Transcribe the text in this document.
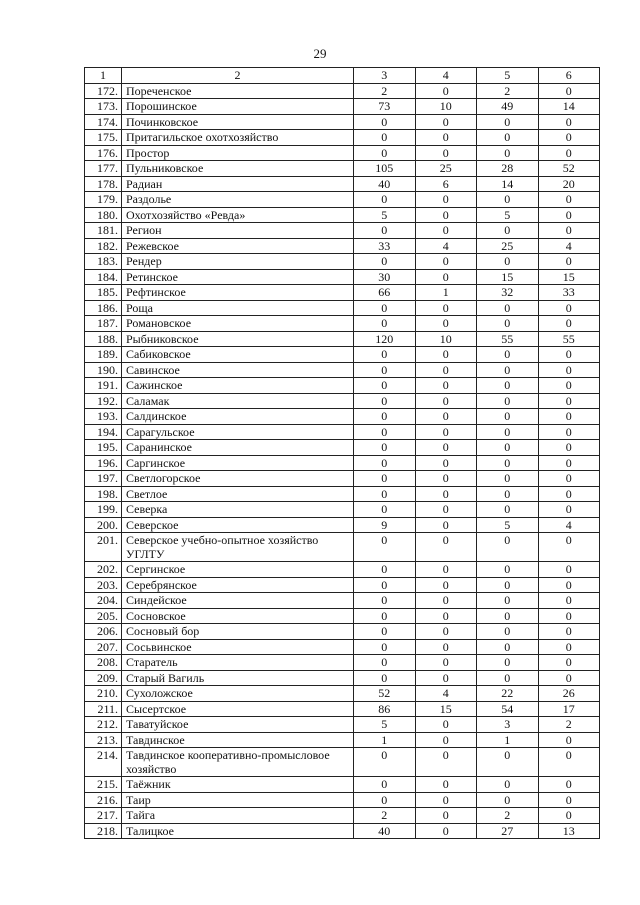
29
1	2	3	4	5	6
172.	Пореченское	2	0	2	0
173.	Порошинское	73	10	49	14
174.	Починковское	0	0	0	0
175.	Притагильское охотхозяйство	0	0	0	0
176.	Простор	0	0	0	0
177.	Пульниковское	105	25	28	52
178.	Радиан	40	6	14	20
179.	Раздолье	0	0	0	0
180.	Охотхозяйство «Ревда»	5	0	5	0
181.	Регион	0	0	0	0
182.	Режевское	33	4	25	4
183.	Рендер	0	0	0	0
184.	Ретинское	30	0	15	15
185.	Рефтинское	66	1	32	33
186.	Роща	0	0	0	0
187.	Романовское	0	0	0	0
188.	Рыбниковское	120	10	55	55
189.	Сабиковское	0	0	0	0
190.	Савинское	0	0	0	0
191.	Сажинское	0	0	0	0
192.	Саламак	0	0	0	0
193.	Салдинское	0	0	0	0
194.	Сарагульское	0	0	0	0
195.	Саранинское	0	0	0	0
196.	Саргинское	0	0	0	0
197.	Светлогорское	0	0	0	0
198.	Светлое	0	0	0	0
199.	Северка	0	0	0	0
200.	Северское	9	0	5	4
201.	Северское учебно-опытное хозяйство УГЛТУ	0	0	0	0
202.	Сергинское	0	0	0	0
203.	Серебрянское	0	0	0	0
204.	Синдейское	0	0	0	0
205.	Сосновское	0	0	0	0
206.	Сосновый бор	0	0	0	0
207.	Сосьвинское	0	0	0	0
208.	Старатель	0	0	0	0
209.	Старый Вагиль	0	0	0	0
210.	Сухоложское	52	4	22	26
211.	Сысертское	86	15	54	17
212.	Таватуйское	5	0	3	2
213.	Тавдинское	1	0	1	0
214.	Тавдинское кооперативно-промысловое хозяйство	0	0	0	0
215.	Таёжник	0	0	0	0
216.	Таир	0	0	0	0
217.	Тайга	2	0	2	0
218.	Талицкое	40	0	27	13
